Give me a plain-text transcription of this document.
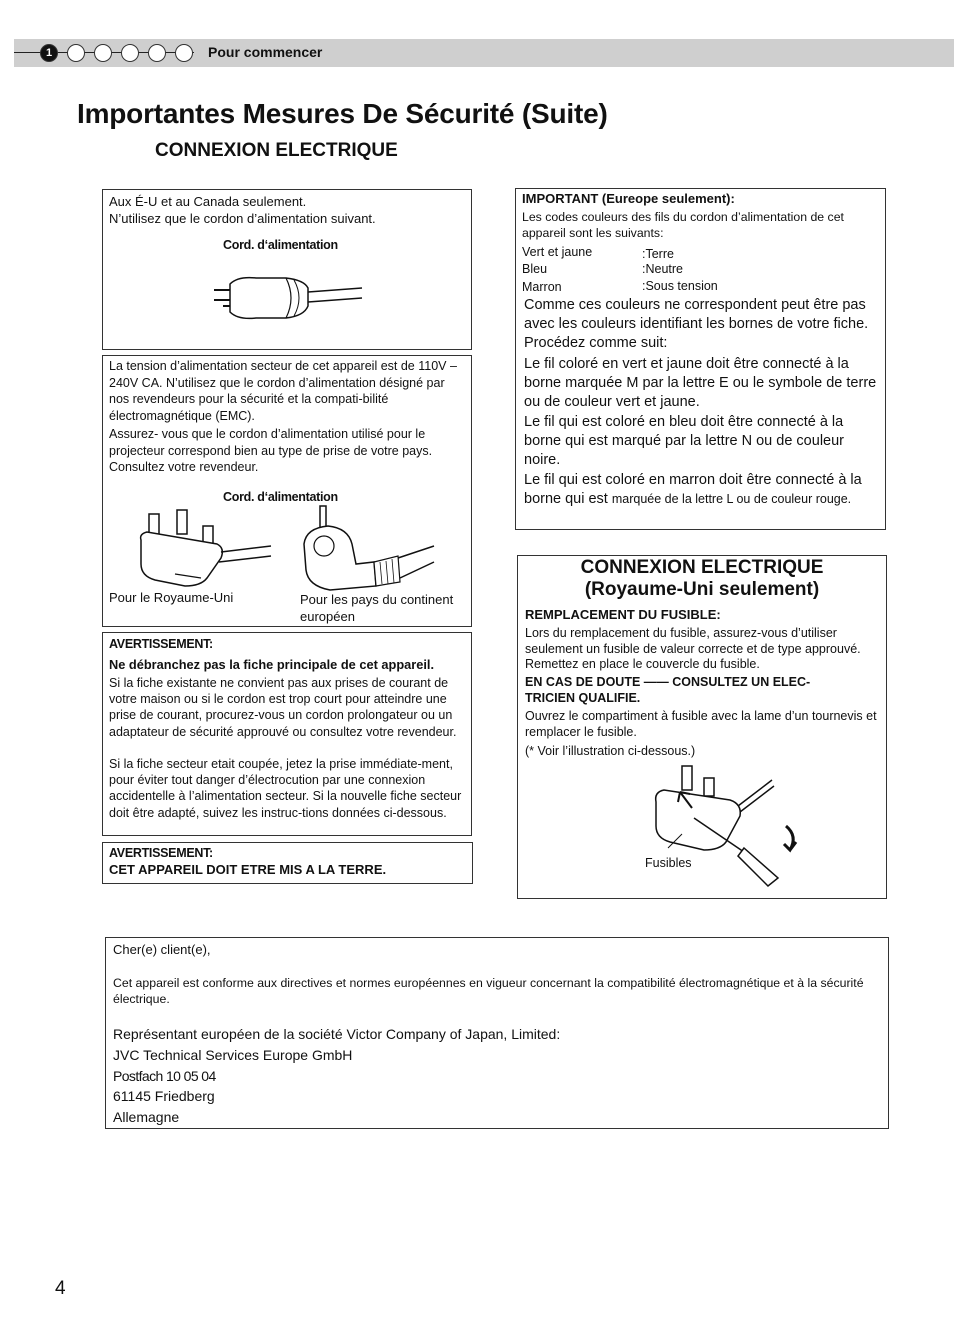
1	Pour commencer
Importantes Mesures De Sécurité (Suite)
CONNEXION ELECTRIQUE
Aux É-U et au Canada seulement.
N’utilisez que le cordon d’alimentation suivant.
Cord. d‘alimentation
La tension d’alimentation secteur de cet appareil est de 110V – 240V CA. N’utilisez que le cordon d’alimentation désigné par nos revendeurs pour la sécurité et la compati-bilité électromagnétique (EMC).
Assurez- vous que le cordon d’alimentation utilisé pour le projecteur correspond bien au type de prise de votre pays. Consultez votre revendeur.
Cord. d‘alimentation
Pour le Royaume-Uni	Pour les pays du continent européen
AVERTISSEMENT:
Ne débranchez pas la fiche principale de cet appareil.
Si la fiche existante ne convient pas aux prises de courant de votre maison ou si le cordon est trop court pour atteindre une prise de courant, procurez-vous un cordon prolongateur ou un adaptateur de sécurité approuvé ou consultez votre revendeur.
Si la fiche secteur etait coupée, jetez la prise immédiate-ment, pour éviter tout danger d’électrocution par une connexion accidentelle à l’alimentation secteur. Si la nouvelle fiche secteur doit être adapté, suivez les instruc-tions données ci-dessous.
AVERTISSEMENT:
CET APPAREIL DOIT ETRE MIS A LA TERRE.
IMPORTANT (Eureope seulement):
Les codes couleurs des fils du cordon d’alimentation de cet appareil sont les suivants:
Vert et jaune	:Terre
Bleu	:Neutre
Marron	:Sous tension
Comme ces couleurs ne correspondent peut être pas avec les couleurs identifiant les bornes de votre fiche. Procédez comme suit:
Le fil coloré en vert et jaune doit être connecté à la borne marquée M par la lettre E ou le symbole de terre ou de couleur vert et jaune.
Le fil qui est coloré en bleu doit être connecté à la borne qui est marqué par la lettre N ou de couleur noire.
Le fil qui est coloré en marron doit être connecté à la borne qui est marquée de la lettre L ou de couleur rouge.
CONNEXION ELECTRIQUE
(Royaume-Uni seulement)
REMPLACEMENT DU FUSIBLE:
Lors du remplacement du fusible, assurez-vous d’utiliser seulement un fusible de valeur correcte et de type approuvé. Remettez en place le couvercle du fusible.
EN CAS DE DOUTE —— CONSULTEZ UN ELEC-TRICIEN QUALIFIE.
Ouvrez le compartiment à fusible avec la lame d’un tournevis et remplacer le fusible.
(* Voir l’illustration ci-dessous.)
Fusibles
Cher(e) client(e),
Cet appareil est conforme aux directives et normes européennes en vigueur concernant la compatibilité électromagnétique et à la sécurité électrique.
Représentant européen de la société Victor Company of Japan, Limited:
JVC Technical Services Europe GmbH
Postfach 10 05 04
61145 Friedberg
Allemagne
4
